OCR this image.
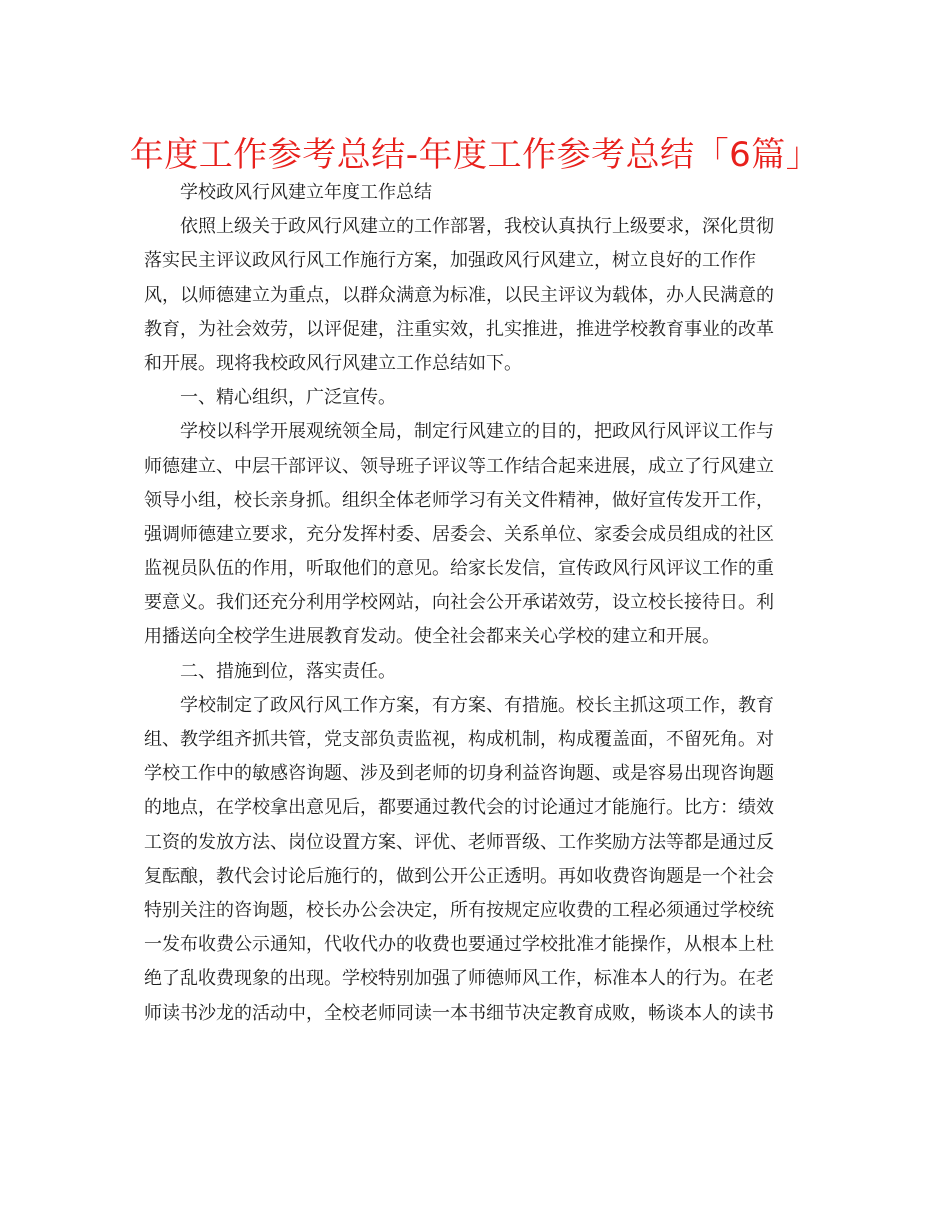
年度工作参考总结-年度工作参考总结「6篇」
学校政风行风建立年度工作总结
依照上级关于政风行风建立的工作部署，我校认真执行上级要求，深化贯彻
落实民主评议政风行风工作施行方案，加强政风行风建立，树立良好的工作作
风，以师德建立为重点，以群众满意为标准，以民主评议为载体，办人民满意的
教育，为社会效劳，以评促建，注重实效，扎实推进，推进学校教育事业的改革
和开展。现将我校政风行风建立工作总结如下。
一、精心组织，广泛宣传。
学校以科学开展观统领全局，制定行风建立的目的，把政风行风评议工作与
师德建立、中层干部评议、领导班子评议等工作结合起来进展，成立了行风建立
领导小组，校长亲身抓。组织全体老师学习有关文件精神，做好宣传发开工作，
强调师德建立要求，充分发挥村委、居委会、关系单位、家委会成员组成的社区
监视员队伍的作用，听取他们的意见。给家长发信，宣传政风行风评议工作的重
要意义。我们还充分利用学校网站，向社会公开承诺效劳，设立校长接待日。利
用播送向全校学生进展教育发动。使全社会都来关心学校的建立和开展。
二、措施到位，落实责任。
学校制定了政风行风工作方案，有方案、有措施。校长主抓这项工作，教育
组、教学组齐抓共管，党支部负责监视，构成机制，构成覆盖面，不留死角。对
学校工作中的敏感咨询题、涉及到老师的切身利益咨询题、或是容易出现咨询题
的地点，在学校拿出意见后，都要通过教代会的讨论通过才能施行。比方：绩效
工资的发放方法、岗位设置方案、评优、老师晋级、工作奖励方法等都是通过反
复酝酿，教代会讨论后施行的，做到公开公正透明。再如收费咨询题是一个社会
特别关注的咨询题，校长办公会决定，所有按规定应收费的工程必须通过学校统
一发布收费公示通知，代收代办的收费也要通过学校批准才能操作，从根本上杜
绝了乱收费现象的出现。学校特别加强了师德师风工作，标准本人的行为。在老
师读书沙龙的活动中，全校老师同读一本书细节决定教育成败，畅谈本人的读书
